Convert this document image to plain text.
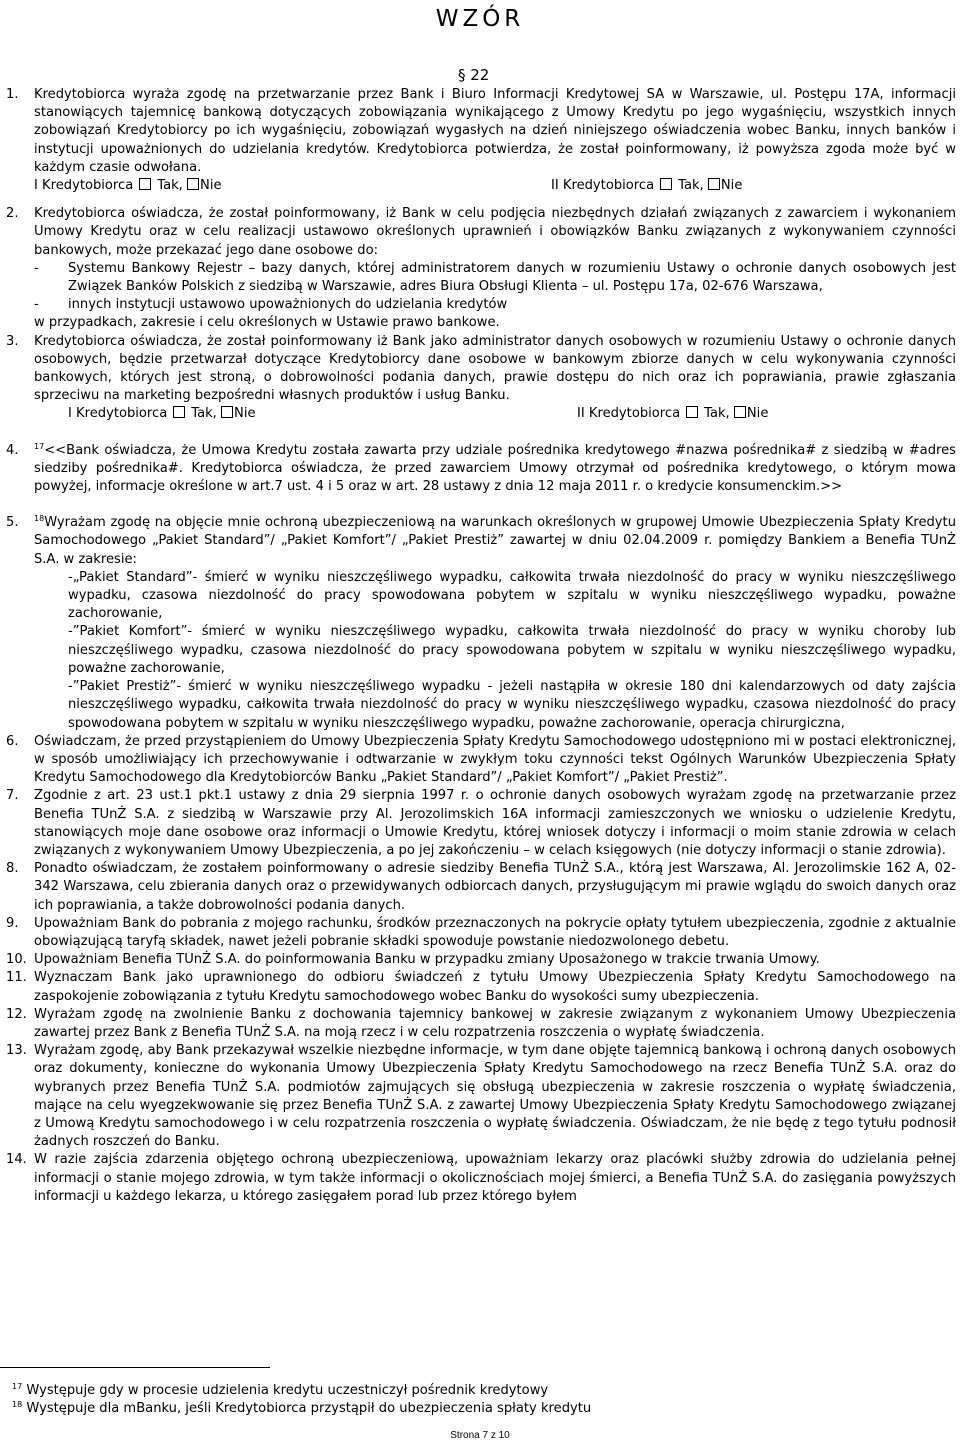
WZÓR
§ 22
1. Kredytobiorca wyraża zgodę na przetwarzanie przez Bank i Biuro Informacji Kredytowej SA w Warszawie, ul. Postępu 17A, informacji stanowiących tajemnicę bankową dotyczących zobowiązania wynikającego z Umowy Kredytu po jego wygaśnięciu, wszystkich innych zobowiązań Kredytobiorcy po ich wygaśnięciu, zobowiązań wygasłych na dzień niniejszego oświadczenia wobec Banku, innych banków i instytucji upoważnionych do udzielania kredytów. Kredytobiorca potwierdza, że został poinformowany, iż powyższa zgoda może być w każdym czasie odwołana.
I Kredytobiorca Tak, Nie	II Kredytobiorca Tak, Nie
2. Kredytobiorca oświadcza, że został poinformowany, iż Bank w celu podjęcia niezbędnych działań związanych z zawarciem i wykonaniem Umowy Kredytu oraz w celu realizacji ustawowo określonych uprawnień i obowiązków Banku związanych z wykonywaniem czynności bankowych, może przekazać jego dane osobowe do:
- Systemu Bankowy Rejestr – bazy danych, której administratorem danych w rozumieniu Ustawy o ochronie danych osobowych jest Związek Banków Polskich z siedzibą w Warszawie, adres Biura Obsługi Klienta – ul. Postępu 17a, 02-676 Warszawa,
- innych instytucji ustawowo upoważnionych do udzielania kredytów
w przypadkach, zakresie i celu określonych w Ustawie prawo bankowe.
3. Kredytobiorca oświadcza, że został poinformowany iż Bank jako administrator danych osobowych w rozumieniu Ustawy o ochronie danych osobowych, będzie przetwarzał dotyczące Kredytobiorcy dane osobowe w bankowym zbiorze danych w celu wykonywania czynności bankowych, których jest stroną, o dobrowolności podania danych, prawie dostępu do nich oraz ich poprawiania, prawie zgłaszania sprzeciwu na marketing bezpośredni własnych produktów i usług Banku.
I Kredytobiorca Tak, Nie	II Kredytobiorca Tak, Nie
4. $^{17}$<<Bank oświadcza, że Umowa Kredytu została zawarta przy udziale pośrednika kredytowego #nazwa pośrednika# z siedzibą w #adres siedziby pośrednika#. Kredytobiorca oświadcza, że przed zawarciem Umowy otrzymał od pośrednika kredytowego, o którym mowa powyżej, informacje określone w art.7 ust. 4 i 5 oraz w art. 28 ustawy z dnia 12 maja 2011 r. o kredycie konsumenckim.>>
5. $^{18}$Wyrażam zgodę na objęcie mnie ochroną ubezpieczeniową na warunkach określonych w grupowej Umowie Ubezpieczenia Spłaty Kredytu Samochodowego „Pakiet Standard”/ „Pakiet Komfort”/ „Pakiet Prestiż” zawartej w dniu 02.04.2009 r. pomiędzy Bankiem a Benefia TUnŻ S.A. w zakresie:
-„Pakiet Standard”- śmierć w wyniku nieszczęśliwego wypadku, całkowita trwała niezdolność do pracy w wyniku nieszczęśliwego wypadku, czasowa niezdolność do pracy spowodowana pobytem w szpitalu w wyniku nieszczęśliwego wypadku, poważne zachorowanie,
-”Pakiet Komfort”- śmierć w wyniku nieszczęśliwego wypadku, całkowita trwała niezdolność do pracy w wyniku choroby lub nieszczęśliwego wypadku, czasowa niezdolność do pracy spowodowana pobytem w szpitalu w wyniku nieszczęśliwego wypadku, poważne zachorowanie,
-”Pakiet Prestiż”- śmierć w wyniku nieszczęśliwego wypadku - jeżeli nastąpiła w okresie 180 dni kalendarzowych od daty zajścia nieszczęśliwego wypadku, całkowita trwała niezdolność do pracy w wyniku nieszczęśliwego wypadku, czasowa niezdolność do pracy spowodowana pobytem w szpitalu w wyniku nieszczęśliwego wypadku, poważne zachorowanie, operacja chirurgiczna,
6. Oświadczam, że przed przystąpieniem do Umowy Ubezpieczenia Spłaty Kredytu Samochodowego udostępniono mi w postaci elektronicznej, w sposób umożliwiający ich przechowywanie i odtwarzanie w zwykłym toku czynności tekst Ogólnych Warunków Ubezpieczenia Spłaty Kredytu Samochodowego dla Kredytobiorców Banku „Pakiet Standard”/ „Pakiet Komfort”/ „Pakiet Prestiż”.
7. Zgodnie z art. 23 ust.1 pkt.1 ustawy z dnia 29 sierpnia 1997 r. o ochronie danych osobowych wyrażam zgodę na przetwarzanie przez Benefia TUnŻ S.A. z siedzibą w Warszawie przy Al. Jerozolimskich 16A informacji zamieszczonych we wniosku o udzielenie Kredytu, stanowiących moje dane osobowe oraz informacji o Umowie Kredytu, której wniosek dotyczy i informacji o moim stanie zdrowia w celach związanych z wykonywaniem Umowy Ubezpieczenia, a po jej zakończeniu – w celach księgowych (nie dotyczy informacji o stanie zdrowia).
8. Ponadto oświadczam, że zostałem poinformowany o adresie siedziby Benefia TUnŻ S.A., którą jest Warszawa, Al. Jerozolimskie 162 A, 02-342 Warszawa, celu zbierania danych oraz o przewidywanych odbiorcach danych, przysługującym mi prawie wglądu do swoich danych oraz ich poprawiania, a także dobrowolności podania danych.
9. Upoważniam Bank do pobrania z mojego rachunku, środków przeznaczonych na pokrycie opłaty tytułem ubezpieczenia, zgodnie z aktualnie obowiązującą taryfą składek, nawet jeżeli pobranie składki spowoduje powstanie niedozwolonego debetu.
10. Upoważniam Benefia TUnŻ S.A. do poinformowania Banku w przypadku zmiany Uposażonego w trakcie trwania Umowy.
11. Wyznaczam Bank jako uprawnionego do odbioru świadczeń z tytułu Umowy Ubezpieczenia Spłaty Kredytu Samochodowego na zaspokojenie zobowiązania z tytułu Kredytu samochodowego wobec Banku do wysokości sumy ubezpieczenia.
12. Wyrażam zgodę na zwolnienie Banku z dochowania tajemnicy bankowej w zakresie związanym z wykonaniem Umowy Ubezpieczenia zawartej przez Bank z Benefia TUnŻ S.A. na moją rzecz i w celu rozpatrzenia roszczenia o wypłatę świadczenia.
13. Wyrażam zgodę, aby Bank przekazywał wszelkie niezbędne informacje, w tym dane objęte tajemnicą bankową i ochroną danych osobowych oraz dokumenty, konieczne do wykonania Umowy Ubezpieczenia Spłaty Kredytu Samochodowego na rzecz Benefia TUnŻ S.A. oraz do wybranych przez Benefia TUnŻ S.A. podmiotów zajmujących się obsługą ubezpieczenia w zakresie roszczenia o wypłatę świadczenia, mające na celu wyegzekwowanie się przez Benefia TUnŻ S.A. z zawartej Umowy Ubezpieczenia Spłaty Kredytu Samochodowego związanej z Umową Kredytu samochodowego i w celu rozpatrzenia roszczenia o wypłatę świadczenia. Oświadczam, że nie będę z tego tytułu podnosił żadnych roszczeń do Banku.
14. W razie zajścia zdarzenia objętego ochroną ubezpieczeniową, upoważniam lekarzy oraz placówki służby zdrowia do udzielania pełnej informacji o stanie mojego zdrowia, w tym także informacji o okolicznościach mojej śmierci, a Benefia TUnŻ S.A. do zasięgania powyższych informacji u każdego lekarza, u którego zasięgałem porad lub przez którego byłem
$^{17}$ Występuje gdy w procesie udzielenia kredytu uczestniczył pośrednik kredytowy
$^{18}$ Występuje dla mBanku, jeśli Kredytobiorca przystąpił do ubezpieczenia spłaty kredytu
Strona 7 z 10
